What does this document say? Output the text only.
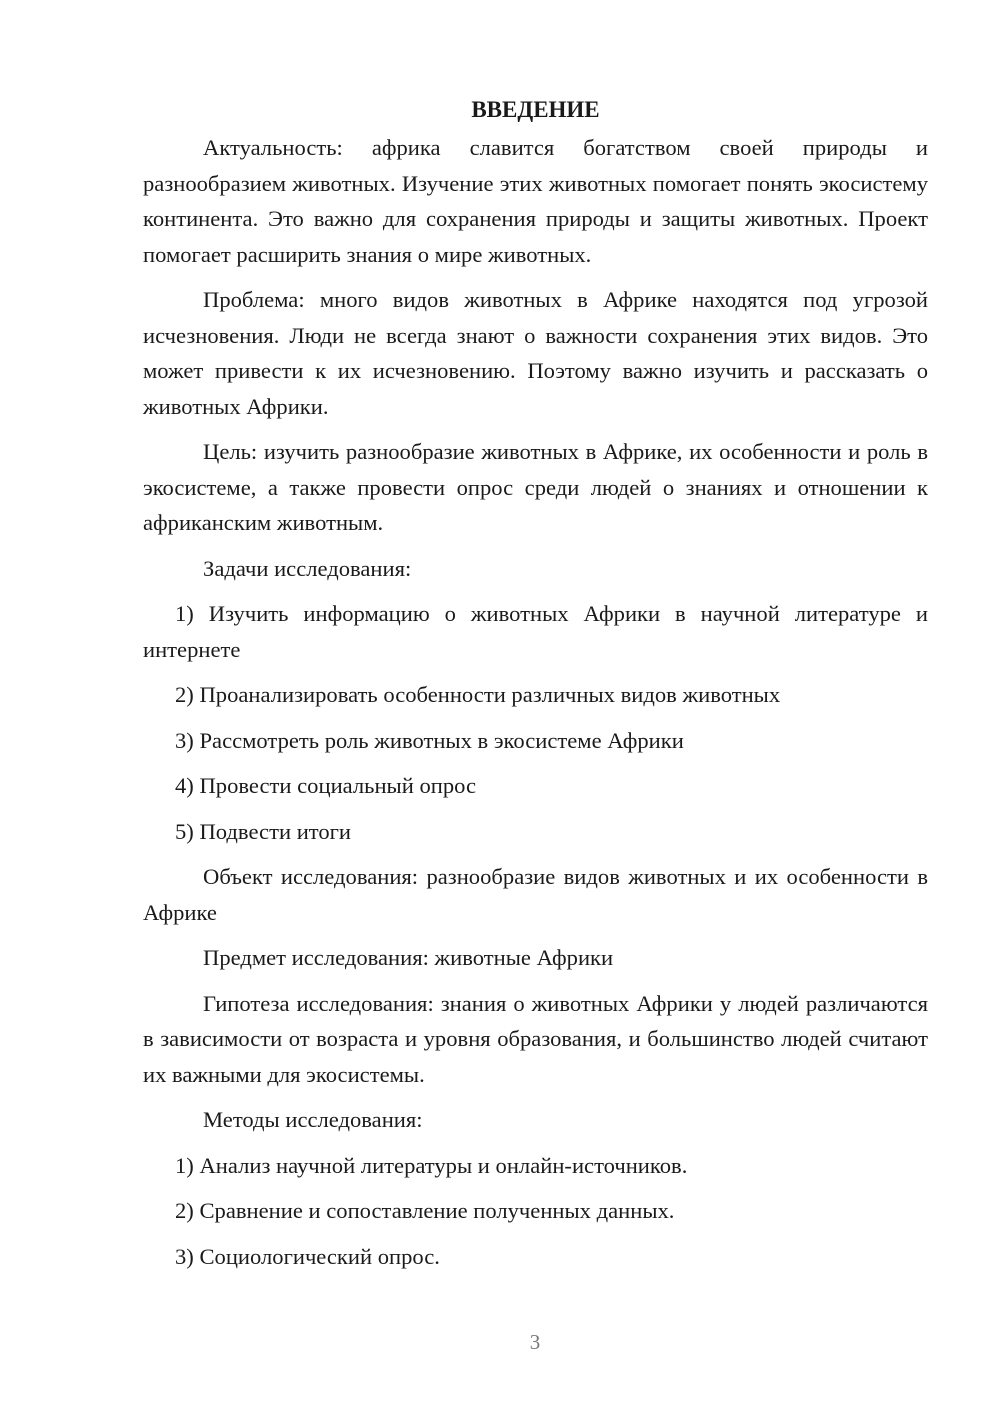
ВВЕДЕНИЕ

Актуальность: африка славится богатством своей природы и разнообразием животных. Изучение этих животных помогает понять экосистему континента. Это важно для сохранения природы и защиты животных. Проект помогает расширить знания о мире животных.

Проблема: много видов животных в Африке находятся под угрозой исчезновения. Люди не всегда знают о важности сохранения этих видов. Это может привести к их исчезновению. Поэтому важно изучить и рассказать о животных Африки.

Цель: изучить разнообразие животных в Африке, их особенности и роль в экосистеме, а также провести опрос среди людей о знаниях и отношении к африканским животным.

Задачи исследования:

1) Изучить информацию о животных Африки в научной литературе и интернете

2) Проанализировать особенности различных видов животных

3) Рассмотреть роль животных в экосистеме Африки

4) Провести социальный опрос

5) Подвести итоги

Объект исследования: разнообразие видов животных и их особенности в Африке

Предмет исследования: животные Африки

Гипотеза исследования: знания о животных Африки у людей различаются в зависимости от возраста и уровня образования, и большинство людей считают их важными для экосистемы.

Методы исследования:

1) Анализ научной литературы и онлайн-источников.

2) Сравнение и сопоставление полученных данных.

3) Социологический опрос.

3
